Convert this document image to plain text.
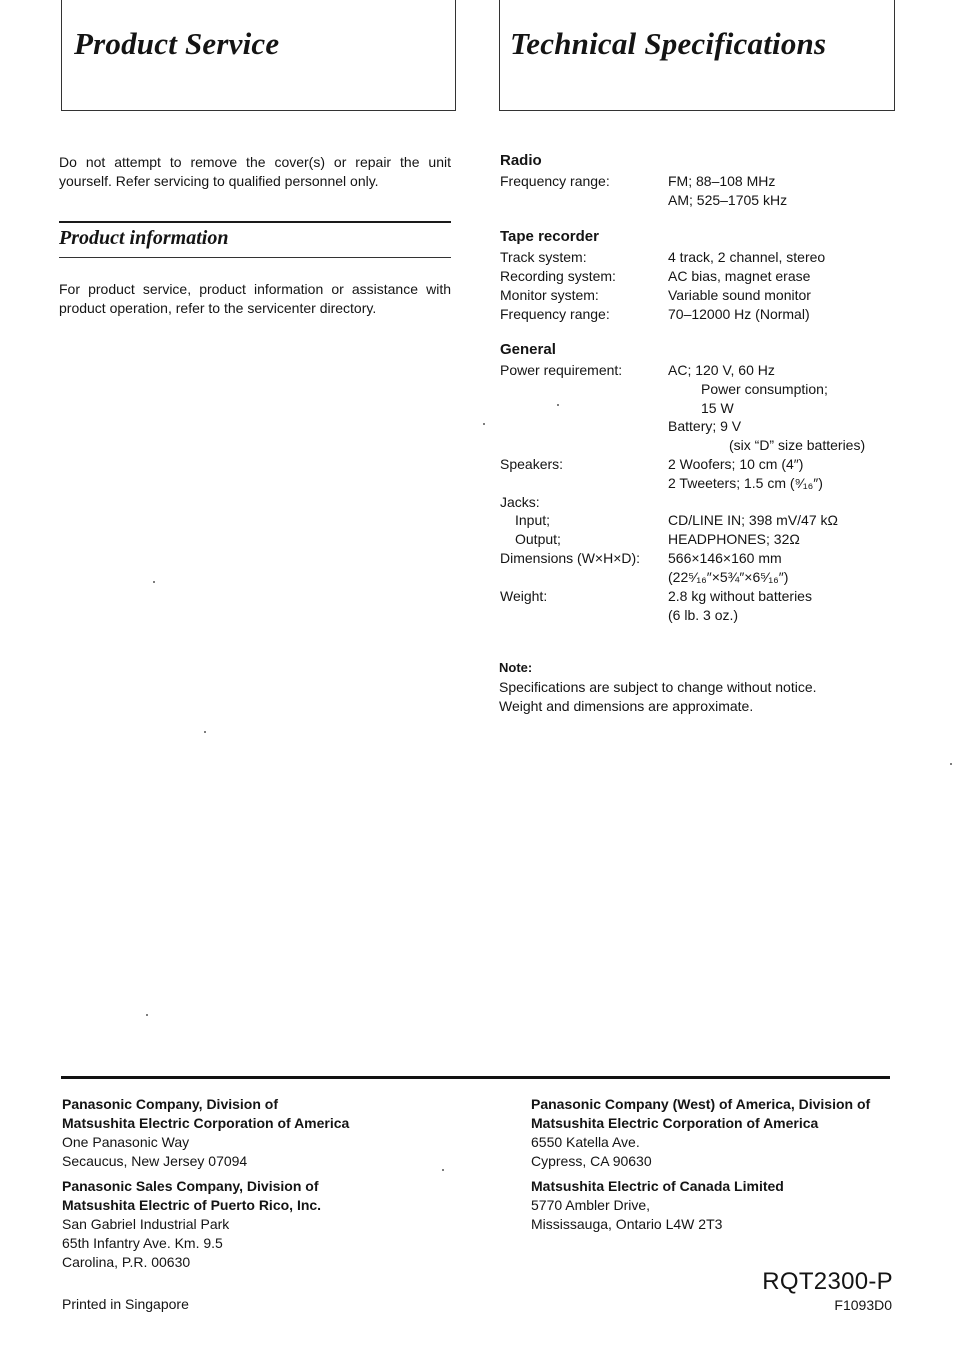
Product Service	Technical Specifications
Do not attempt to remove the cover(s) or repair the unit
yourself. Refer servicing to qualified personnel only.
Product information
For product service, product information or assistance with
product operation, refer to the servicenter directory.
Radio
Frequency range:	FM; 88–108 MHz
AM; 525–1705 kHz
Tape recorder
Track system:	4 track, 2 channel, stereo
Recording system:	AC bias, magnet erase
Monitor system:	Variable sound monitor
Frequency range:	70–12000 Hz (Normal)
General
Power requirement:	AC; 120 V, 60 Hz
Power consumption;
15 W
Battery; 9 V
(six “D” size batteries)
Speakers:	2 Woofers; 10 cm (4″)
2 Tweeters; 1.5 cm (⁹⁄₁₆″)
Jacks:
Input;	CD/LINE IN; 398 mV/47 kΩ
Output;	HEADPHONES; 32Ω
Dimensions (W×H×D): 566×146×160 mm
(22⁵⁄₁₆″×5¾″×6⁵⁄₁₆″)
Weight:	2.8 kg without batteries
(6 lb. 3 oz.)
Note:
Specifications are subject to change without notice.
Weight and dimensions are approximate.
Panasonic Company, Division of
Matsushita Electric Corporation of America
One Panasonic Way
Secaucus, New Jersey 07094
Panasonic Sales Company, Division of
Matsushita Electric of Puerto Rico, Inc.
San Gabriel Industrial Park
65th Infantry Ave. Km. 9.5
Carolina, P.R. 00630
Panasonic Company (West) of America, Division of
Matsushita Electric Corporation of America
6550 Katella Ave.
Cypress, CA 90630
Matsushita Electric of Canada Limited
5770 Ambler Drive,
Mississauga, Ontario L4W 2T3
Printed in Singapore
RQT2300-P
F1093D0
